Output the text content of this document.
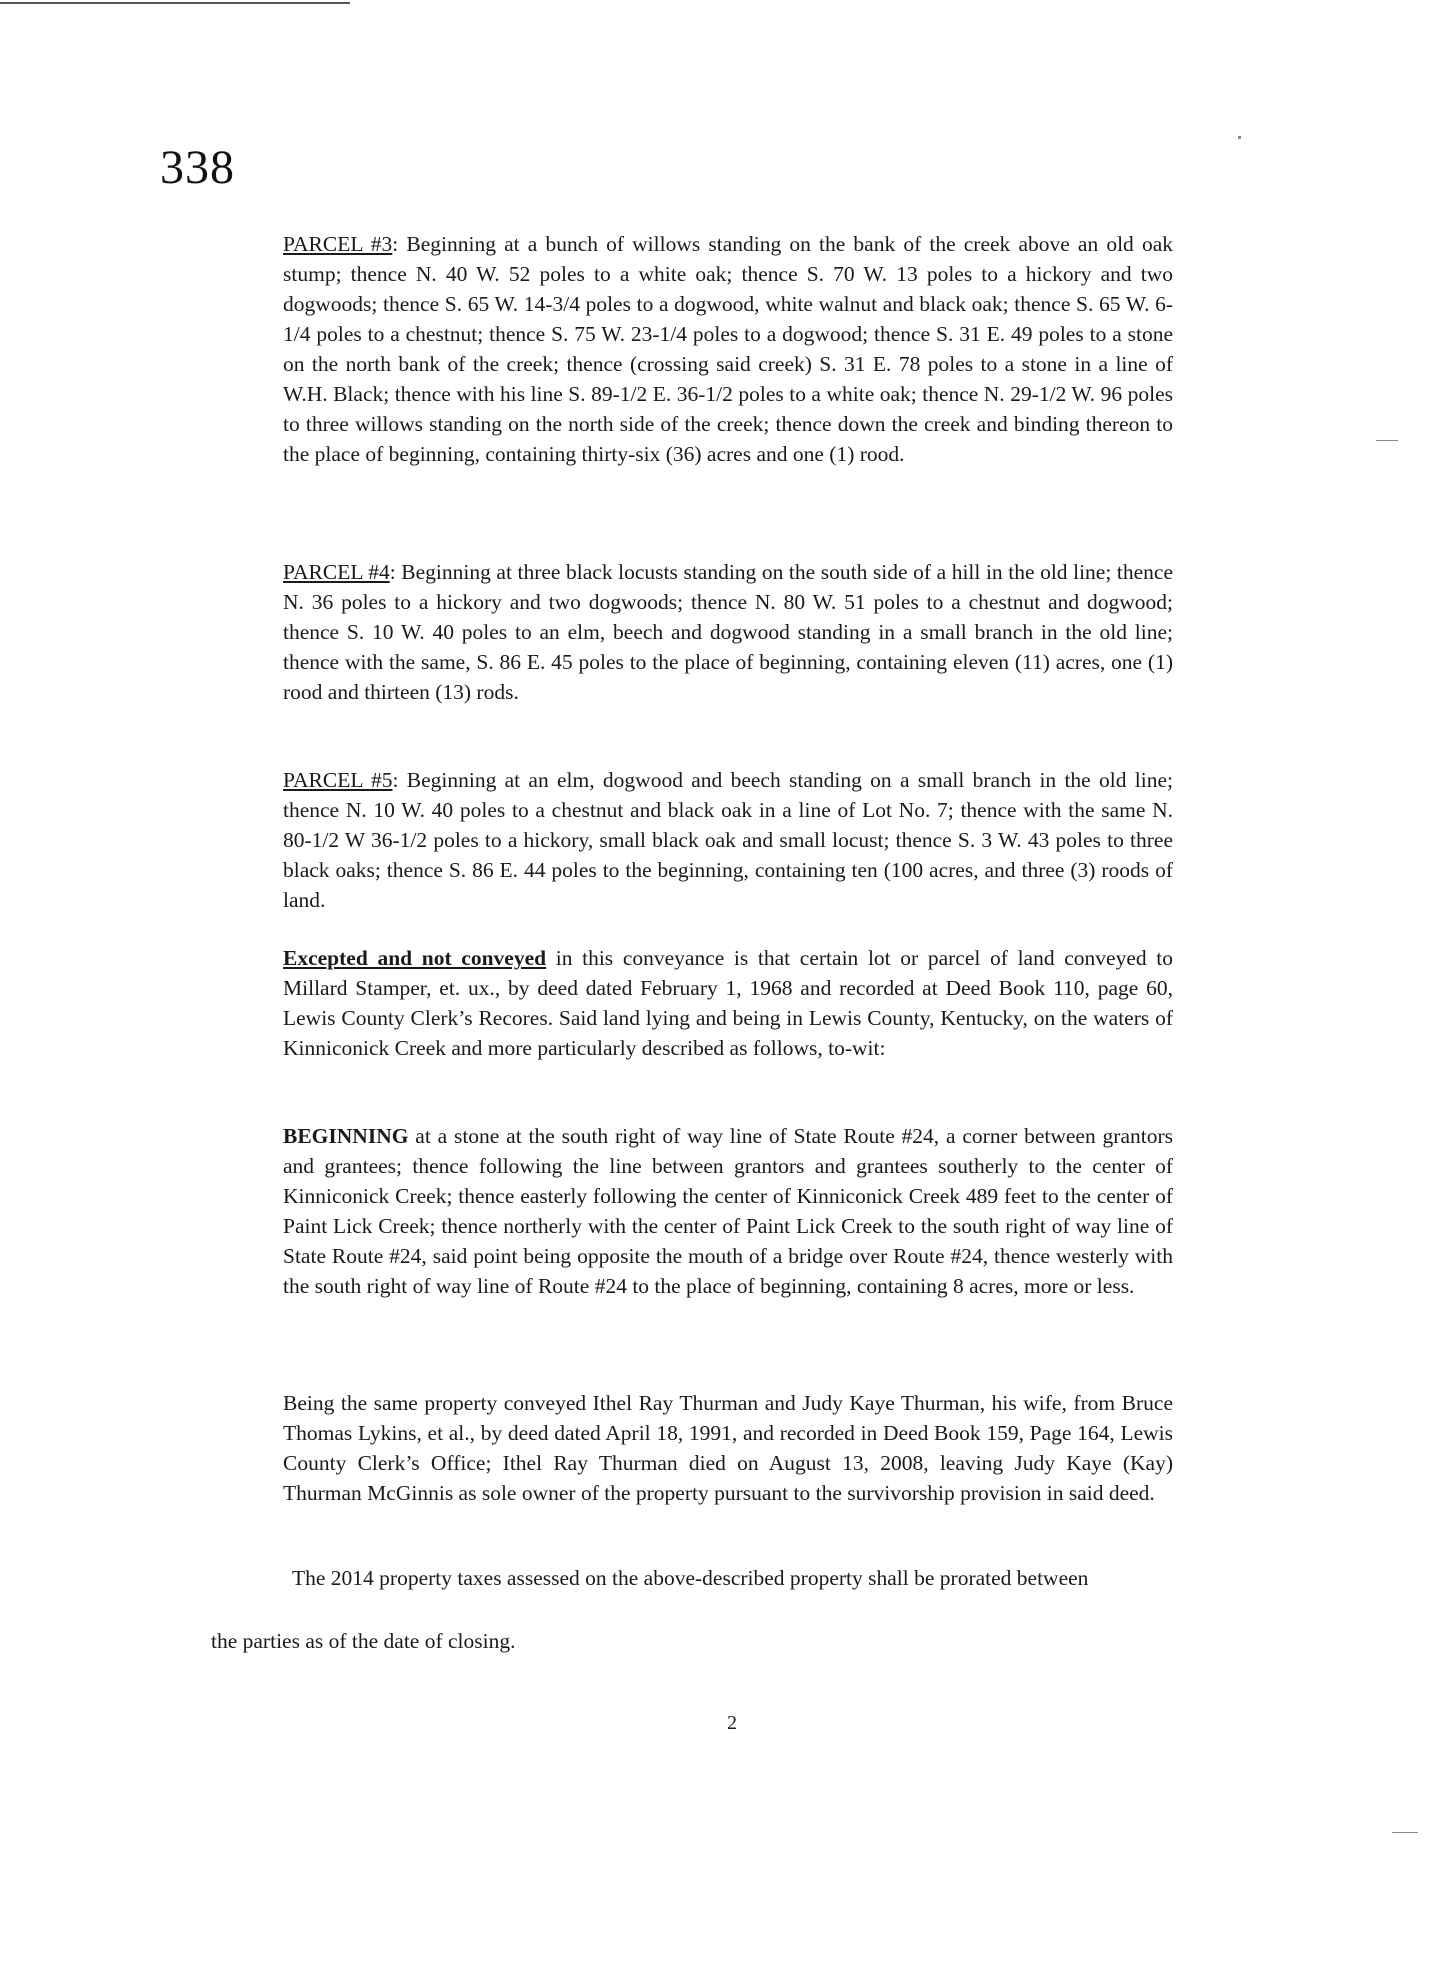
338

PARCEL #3: Beginning at a bunch of willows standing on the bank of the creek above an old oak stump; thence N. 40 W. 52 poles to a white oak; thence S. 70 W. 13 poles to a hickory and two dogwoods; thence S. 65 W. 14-3/4 poles to a dogwood, white walnut and black oak; thence S. 65 W. 6-1/4 poles to a chestnut; thence S. 75 W. 23-1/4 poles to a dogwood; thence S. 31 E. 49 poles to a stone on the north bank of the creek; thence (crossing said creek) S. 31 E. 78 poles to a stone in a line of W.H. Black; thence with his line S. 89-1/2 E. 36-1/2 poles to a white oak; thence N. 29-1/2 W. 96 poles to three willows standing on the north side of the creek; thence down the creek and binding thereon to the place of beginning, containing thirty-six (36) acres and one (1) rood.

PARCEL #4: Beginning at three black locusts standing on the south side of a hill in the old line; thence N. 36 poles to a hickory and two dogwoods; thence N. 80 W. 51 poles to a chestnut and dogwood; thence S. 10 W. 40 poles to an elm, beech and dogwood standing in a small branch in the old line; thence with the same, S. 86 E. 45 poles to the place of beginning, containing eleven (11) acres, one (1) rood and thirteen (13) rods.

PARCEL #5: Beginning at an elm, dogwood and beech standing on a small branch in the old line; thence N. 10 W. 40 poles to a chestnut and black oak in a line of Lot No. 7; thence with the same N. 80-1/2 W 36-1/2 poles to a hickory, small black oak and small locust; thence S. 3 W. 43 poles to three black oaks; thence S. 86 E. 44 poles to the beginning, containing ten (100 acres, and three (3) roods of land.

Excepted and not conveyed in this conveyance is that certain lot or parcel of land conveyed to Millard Stamper, et. ux., by deed dated February 1, 1968 and recorded at Deed Book 110, page 60, Lewis County Clerk’s Recores. Said land lying and being in Lewis County, Kentucky, on the waters of Kinniconick Creek and more particularly described as follows, to-wit:

BEGINNING at a stone at the south right of way line of State Route #24, a corner between grantors and grantees; thence following the line between grantors and grantees southerly to the center of Kinniconick Creek; thence easterly following the center of Kinniconick Creek 489 feet to the center of Paint Lick Creek; thence northerly with the center of Paint Lick Creek to the south right of way line of State Route #24, said point being opposite the mouth of a bridge over Route #24, thence westerly with the south right of way line of Route #24 to the place of beginning, containing 8 acres, more or less.

Being the same property conveyed Ithel Ray Thurman and Judy Kaye Thurman, his wife, from Bruce Thomas Lykins, et al., by deed dated April 18, 1991, and recorded in Deed Book 159, Page 164, Lewis County Clerk’s Office; Ithel Ray Thurman died on August 13, 2008, leaving Judy Kaye (Kay) Thurman McGinnis as sole owner of the property pursuant to the survivorship provision in said deed.

The 2014 property taxes assessed on the above-described property shall be prorated between
the parties as of the date of closing.
2
